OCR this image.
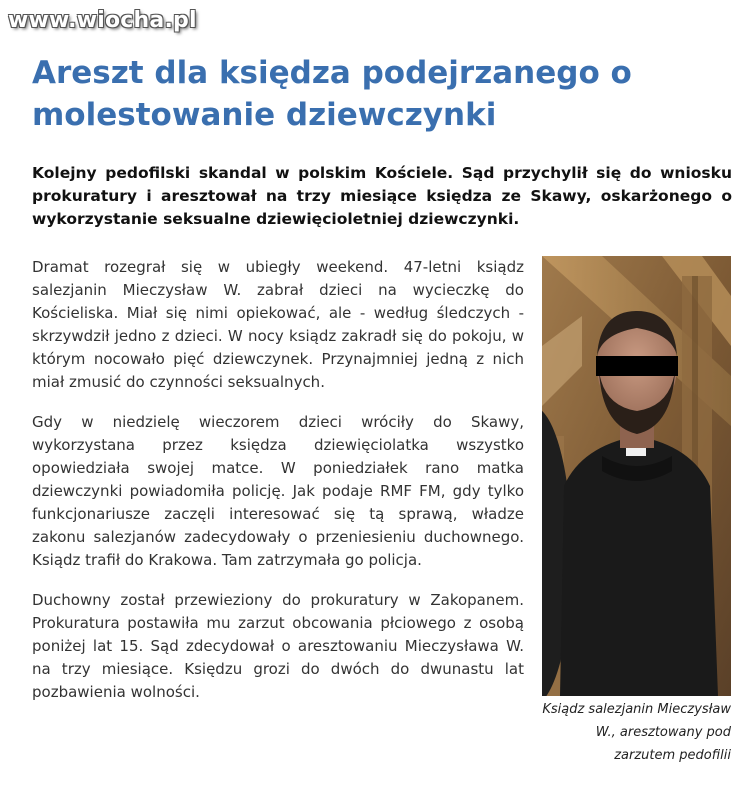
www.wiocha.pl
Areszt dla księdza podejrzanego o molestowanie dziewczynki

Kolejny pedofilski skandal w polskim Kościele. Sąd przychylił się do wniosku prokuratury i aresztował na trzy miesiące księdza ze Skawy, oskarżonego o wykorzystanie seksualne dziewięcioletniej dziewczynki.

Dramat rozegrał się w ubiegły weekend. 47-letni ksiądz salezjanin Mieczysław W. zabrał dzieci na wycieczkę do Kościeliska. Miał się nimi opiekować, ale - według śledczych - skrzywdził jedno z dzieci. W nocy ksiądz zakradł się do pokoju, w którym nocowało pięć dziewczynek. Przynajmniej jedną z nich miał zmusić do czynności seksualnych.

Gdy w niedzielę wieczorem dzieci wróciły do Skawy, wykorzystana przez księdza dziewięciolatka wszystko opowiedziała swojej matce. W poniedziałek rano matka dziewczynki powiadomiła policję. Jak podaje RMF FM, gdy tylko funkcjonariusze zaczęli interesować się tą sprawą, władze zakonu salezjanów zadecydowały o przeniesieniu duchownego. Ksiądz trafił do Krakowa. Tam zatrzymała go policja.

Duchowny został przewieziony do prokuratury w Zakopanem. Prokuratura postawiła mu zarzut obcowania płciowego z osobą poniżej lat 15. Sąd zdecydował o aresztowaniu Mieczysława W. na trzy miesiące. Księdzu grozi do dwóch do dwunastu lat pozbawienia wolności.

Ksiądz salezjanin Mieczysław W., aresztowany pod zarzutem pedofilii
